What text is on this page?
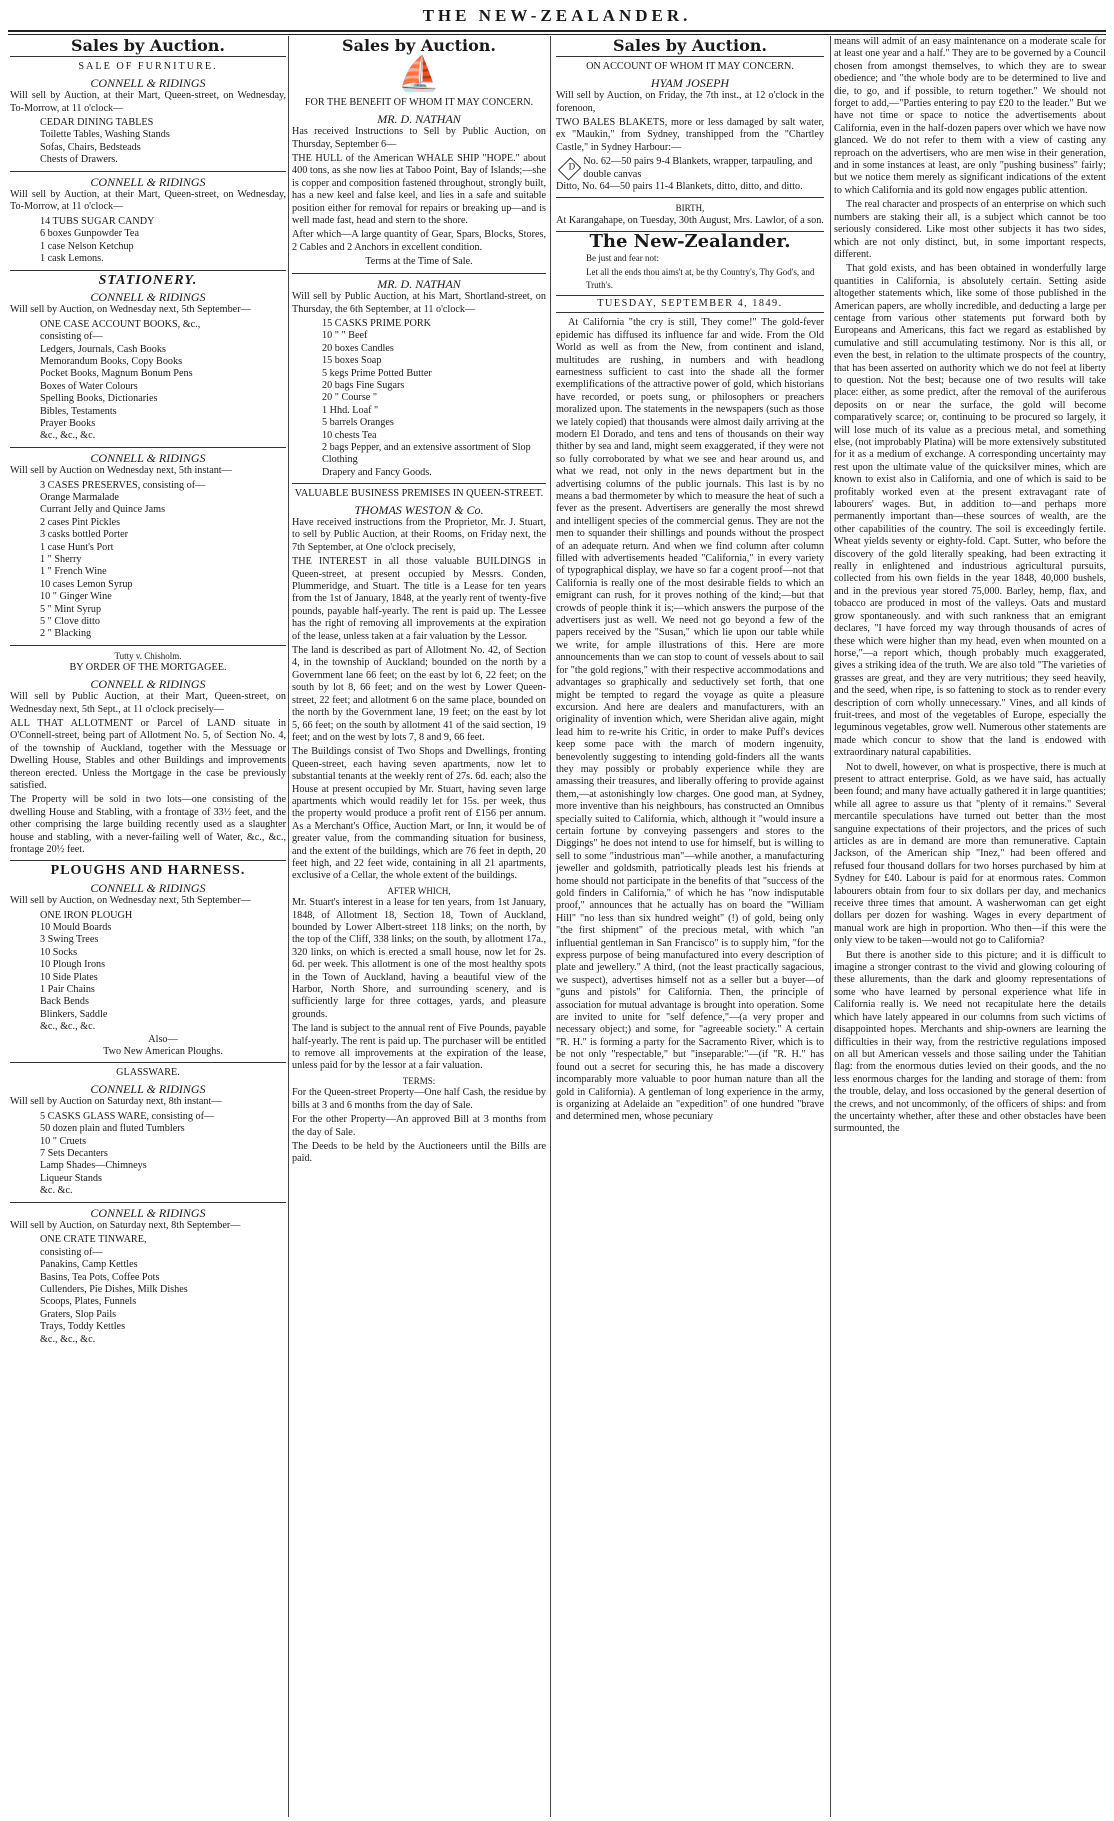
THE NEW-ZEALANDER.
Sales by Auction.
SALE OF FURNITURE.
CONNELL & RIDINGS

Will sell by Auction, at their Mart, Queen-street, on Wednesday, To-Morrow, at 11 o'clock—

CEDAR DINING TABLES
Toilette Tables, Washing Stands
Sofas, Chairs, Bedsteads
Chests of Drawers.
CONNELL & RIDINGS

Will sell by Auction, at their Mart, Queen-street, on Wednesday, To-Morrow, at 11 o'clock—

14 TUBS SUGAR CANDY
6 boxes Gunpowder Tea
1 case Nelson Ketchup
1 cask Lemons.
STATIONERY.
CONNELL & RIDINGS

Will sell by Auction, on Wednesday next, 5th September—

ONE CASE ACCOUNT BOOKS, &c.,
consisting of—
Ledgers, Journals, Cash Books
Memorandum Books, Copy Books
Pocket Books, Magnum Bonum Pens
Boxes of Water Colours
Spelling Books, Dictionaries
Bibles, Testaments
Prayer Books
&c., &c., &c.
CONNELL & RIDINGS

Will sell by Auction on Wednesday next, 5th instant—

3 CASES PRESERVES, consisting of—
Orange Marmalade
Currant Jelly and Quince Jams
2 cases Pint Pickles
3 casks bottled Porter
1 case Hunt's Port
1 " Sherry
1 " French Wine
10 cases Lemon Syrup
10 " Ginger Wine
5 " Mint Syrup
5 " Clove ditto
2 " Blacking
Tutty v. Chisholm.
BY ORDER OF THE MORTGAGEE.
CONNELL & RIDINGS

Will sell by Public Auction, at their Mart, Queen-street, on Wednesday next, 5th Sept., at 11 o'clock precisely—

ALL THAT ALLOTMENT or Parcel of LAND situate in O'Connell-street, being part of Allotment No. 5, of Section No. 4, of the township of Auckland, together with the Messuage or Dwelling House, Stables and other Buildings and improvements thereon erected. Unless the Mortgage in the case be previously satisfied.

The Property will be sold in two lots—one consisting of the dwelling House and Stabling, with a frontage of 33½ feet, and the other comprising the large building recently used as a slaughter house and stabling, with a never-failing well of Water, &c., &c., frontage 20½ feet.

PLOUGHS AND HARNESS.
CONNELL & RIDINGS

Will sell by Auction, on Wednesday next, 5th September—

ONE IRON PLOUGH
10 Mould Boards
3 Swing Trees
10 Socks
10 Plough Irons
10 Side Plates
1 Pair Chains
Back Bends
Blinkers, Saddle
&c., &c., &c.
Also—
Two New American Ploughs.
GLASSWARE.
CONNELL & RIDINGS

Will sell by Auction on Saturday next, 8th instant—

5 CASKS GLASS WARE, consisting of—
50 dozen plain and fluted Tumblers
10 " Cruets
7 Sets Decanters
Lamp Shades—Chimneys
Liqueur Stands
&c. &c.
CONNELL & RIDINGS

Will sell by Auction, on Saturday next, 8th September—

ONE CRATE TINWARE,
consisting of—
Panakins, Camp Kettles
Basins, Tea Pots, Coffee Pots
Cullenders, Pie Dishes, Milk Dishes
Scoops, Plates, Funnels
Graters, Slop Pails
Trays, Toddy Kettles
&c., &c., &c.
Sales by Auction.
⛵
FOR THE BENEFIT OF WHOM IT MAY CONCERN.
MR. D. NATHAN

Has received Instructions to Sell by Public Auction, on Thursday, September 6—

THE HULL of the American WHALE SHIP "HOPE." about 400 tons, as she now lies at Taboo Point, Bay of Islands;—she is copper and composition fastened throughout, strongly built, has a new keel and false keel, and lies in a safe and suitable position either for removal for repairs or breaking up—and is well made fast, head and stern to the shore.

After which—A large quantity of Gear, Spars, Blocks, Stores, 2 Cables and 2 Anchors in excellent condition.

Terms at the Time of Sale.
MR. D. NATHAN

Will sell by Public Auction, at his Mart, Shortland-street, on Thursday, the 6th September, at 11 o'clock—

15 CASKS PRIME PORK
10 " " Beef
20 boxes Candles
15 boxes Soap
5 kegs Prime Potted Butter
20 bags Fine Sugars
20 " Course "
1 Hhd. Loaf "
5 barrels Oranges
10 chests Tea
2 bags Pepper, and an extensive assortment of Slop Clothing
Drapery and Fancy Goods.
VALUABLE BUSINESS PREMISES IN QUEEN-STREET.
THOMAS WESTON & Co.

Have received instructions from the Proprietor, Mr. J. Stuart, to sell by Public Auction, at their Rooms, on Friday next, the 7th September, at One o'clock precisely,

THE INTEREST in all those valuable BUILDINGS in Queen-street, at present occupied by Messrs. Conden, Plummeridge, and Stuart. The title is a Lease for ten years from the 1st of January, 1848, at the yearly rent of twenty-five pounds, payable half-yearly. The rent is paid up. The Lessee has the right of removing all improvements at the expiration of the lease, unless taken at a fair valuation by the Lessor.

The land is described as part of Allotment No. 42, of Section 4, in the township of Auckland; bounded on the north by a Government lane 66 feet; on the east by lot 6, 22 feet; on the south by lot 8, 66 feet; and on the west by Lower Queen-street, 22 feet; and allotment 6 on the same place, bounded on the north by the Government lane, 19 feet; on the east by lot 5, 66 feet; on the south by allotment 41 of the said section, 19 feet; and on the west by lots 7, 8 and 9, 66 feet.

The Buildings consist of Two Shops and Dwellings, fronting Queen-street, each having seven apartments, now let to substantial tenants at the weekly rent of 27s. 6d. each; also the House at present occupied by Mr. Stuart, having seven large apartments which would readily let for 15s. per week, thus the property would produce a profit rent of £156 per annum. As a Merchant's Office, Auction Mart, or Inn, it would be of greater value, from the commanding situation for business, and the extent of the buildings, which are 76 feet in depth, 20 feet high, and 22 feet wide, containing in all 21 apartments, exclusive of a Cellar, the whole extent of the buildings.

AFTER WHICH,

Mr. Stuart's interest in a lease for ten years, from 1st January, 1848, of Allotment 18, Section 18, Town of Auckland, bounded by Lower Albert-street 118 links; on the north, by the top of the Cliff, 338 links; on the south, by allotment 17a., 320 links, on which is erected a small house, now let for 2s. 6d. per week. This allotment is one of the most healthy spots in the Town of Auckland, having a beautiful view of the Harbor, North Shore, and surrounding scenery, and is sufficiently large for three cottages, yards, and pleasure grounds.

The land is subject to the annual rent of Five Pounds, payable half-yearly. The rent is paid up. The purchaser will be entitled to remove all improvements at the expiration of the lease, unless paid for by the lessor at a fair valuation.

TERMS:

For the Queen-street Property—One half Cash, the residue by bills at 3 and 6 months from the day of Sale.

For the other Property—An approved Bill at 3 months from the day of Sale.

The Deeds to be held by the Auctioneers until the Bills are paid.

Sales by Auction.
ON ACCOUNT OF WHOM IT MAY CONCERN.
HYAM JOSEPH

Will sell by Auction, on Friday, the 7th inst., at 12 o'clock in the forenoon,

TWO BALES BLAKETS, more or less damaged by salt water, ex "Maukin," from Sydney, transhipped from the "Chartley Castle," in Sydney Harbour:—

D No. 62—50 pairs 9-4 Blankets, wrapper, tarpauling, and double canvas

Ditto, No. 64—50 pairs 11-4 Blankets, ditto, ditto, and ditto.

BIRTH,

At Karangahape, on Tuesday, 30th August, Mrs. Lawlor, of a son.

The New-Zealander.
Be just and fear not:
Let all the ends thou aims't at, be thy Country's, Thy God's, and Truth's.
TUESDAY, SEPTEMBER 4, 1849.

At California "the cry is still, They come!" The gold-fever epidemic has diffused its influence far and wide. From the Old World as well as from the New, from continent and island, multitudes are rushing, in numbers and with headlong earnestness sufficient to cast into the shade all the former exemplifications of the attractive power of gold, which historians have recorded, or poets sung, or philosophers or preachers moralized upon. The statements in the newspapers (such as those we lately copied) that thousands were almost daily arriving at the modern El Dorado, and tens and tens of thousands on their way thither by sea and land, might seem exaggerated, if they were not so fully corroborated by what we see and hear around us, and what we read, not only in the news department but in the advertising columns of the public journals. This last is by no means a bad thermometer by which to measure the heat of such a fever as the present. Advertisers are generally the most shrewd and intelligent species of the commercial genus. They are not the men to squander their shillings and pounds without the prospect of an adequate return. And when we find column after column filled with advertisements headed "California," in every variety of typographical display, we have so far a cogent proof—not that California is really one of the most desirable fields to which an emigrant can rush, for it proves nothing of the kind;—but that crowds of people think it is;—which answers the purpose of the advertisers just as well. We need not go beyond a few of the papers received by the "Susan," which lie upon our table while we write, for ample illustrations of this. Here are more announcements than we can stop to count of vessels about to sail for "the gold regions," with their respective accommodations and advantages so graphically and seductively set forth, that one might be tempted to regard the voyage as quite a pleasure excursion. And here are dealers and manufacturers, with an originality of invention which, were Sheridan alive again, might lead him to re-write his Critic, in order to make Puff's devices keep some pace with the march of modern ingenuity, benevolently suggesting to intending gold-finders all the wants they may possibly or probably experience while they are amassing their treasures, and liberally offering to provide against them,—at astonishingly low charges. One good man, at Sydney, more inventive than his neighbours, has constructed an Omnibus specially suited to California, which, although it "would insure a certain fortune by conveying passengers and stores to the Diggings" he does not intend to use for himself, but is willing to sell to some "industrious man"—while another, a manufacturing jeweller and goldsmith, patriotically pleads lest his friends at home should not participate in the benefits of that "success of the gold finders in California," of which he has "now indisputable proof," announces that he actually has on board the "William Hill" "no less than six hundred weight" (!) of gold, being only "the first shipment" of the precious metal, with which "an influential gentleman in San Francisco" is to supply him, "for the express purpose of being manufactured into every description of plate and jewellery." A third, (not the least practically sagacious, we suspect), advertises himself not as a seller but a buyer—of "guns and pistols" for California. Then, the principle of association for mutual advantage is brought into operation. Some are invited to unite for "self defence,"—(a very proper and necessary object;) and some, for "agreeable society." A certain "R. H." is forming a party for the Sacramento River, which is to be not only "respectable," but "inseparable:"—(if "R. H." has found out a secret for securing this, he has made a discovery incomparably more valuable to poor human nature than all the gold in California). A gentleman of long experience in the army, is organizing at Adelaide an "expedition" of one hundred "brave and determined men, whose pecuniary

means will admit of an easy maintenance on a moderate scale for at least one year and a half." They are to be governed by a Council chosen from amongst themselves, to which they are to swear obedience; and "the whole body are to be determined to live and die, to go, and if possible, to return together." We should not forget to add,—"Parties entering to pay £20 to the leader." But we have not time or space to notice the advertisements about California, even in the half-dozen papers over which we have now glanced. We do not refer to them with a view of casting any reproach on the advertisers, who are men wise in their generation, and in some instances at least, are only "pushing business" fairly; but we notice them merely as significant indications of the extent to which California and its gold now engages public attention.

The real character and prospects of an enterprise on which such numbers are staking their all, is a subject which cannot be too seriously considered. Like most other subjects it has two sides, which are not only distinct, but, in some important respects, different.

That gold exists, and has been obtained in wonderfully large quantities in California, is absolutely certain. Setting aside altogether statements which, like some of those published in the American papers, are wholly incredible, and deducting a large per centage from various other statements put forward both by Europeans and Americans, this fact we regard as established by cumulative and still accumulating testimony. Nor is this all, or even the best, in relation to the ultimate prospects of the country, that has been asserted on authority which we do not feel at liberty to question. Not the best; because one of two results will take place: either, as some predict, after the removal of the auriferous deposits on or near the surface, the gold will become comparatively scarce; or, continuing to be procured so largely, it will lose much of its value as a precious metal, and something else, (not improbably Platina) will be more extensively substituted for it as a medium of exchange. A corresponding uncertainty may rest upon the ultimate value of the quicksilver mines, which are known to exist also in California, and one of which is said to be profitably worked even at the present extravagant rate of labourers' wages. But, in addition to—and perhaps more permanently important than—these sources of wealth, are the other capabilities of the country. The soil is exceedingly fertile. Wheat yields seventy or eighty-fold. Capt. Sutter, who before the discovery of the gold literally speaking, had been extracting it really in enlightened and industrious agricultural pursuits, collected from his own fields in the year 1848, 40,000 bushels, and in the previous year stored 75,000. Barley, hemp, flax, and tobacco are produced in most of the valleys. Oats and mustard grow spontaneously. and with such rankness that an emigrant declares, "I have forced my way through thousands of acres of these which were higher than my head, even when mounted on a horse,"—a report which, though probably much exaggerated, gives a striking idea of the truth. We are also told "The varieties of grasses are great, and they are very nutritious; they seed heavily, and the seed, when ripe, is so fattening to stock as to render every description of corn wholly unnecessary." Vines, and all kinds of fruit-trees, and most of the vegetables of Europe, especially the leguminous vegetables, grow well. Numerous other statements are made which concur to show that the land is endowed with extraordinary natural capabilities.

Not to dwell, however, on what is prospective, there is much at present to attract enterprise. Gold, as we have said, has actually been found; and many have actually gathered it in large quantities; while all agree to assure us that "plenty of it remains." Several mercantile speculations have turned out better than the most sanguine expectations of their projectors, and the prices of such articles as are in demand are more than remunerative. Captain Jackson, of the American ship "Inez," had been offered and refused four thousand dollars for two horses purchased by him at Sydney for £40. Labour is paid for at enormous rates. Common labourers obtain from four to six dollars per day, and mechanics receive three times that amount. A washerwoman can get eight dollars per dozen for washing. Wages in every department of manual work are high in proportion. Who then—if this were the only view to be taken—would not go to California?

But there is another side to this picture; and it is difficult to imagine a stronger contrast to the vivid and glowing colouring of these allurements, than the dark and gloomy representations of some who have learned by personal experience what life in California really is. We need not recapitulate here the details which have lately appeared in our columns from such victims of disappointed hopes. Merchants and ship-owners are learning the difficulties in their way, from the restrictive regulations imposed on all but American vessels and those sailing under the Tahitian flag: from the enormous duties levied on their goods, and the no less enormous charges for the landing and storage of them: from the trouble, delay, and loss occasioned by the general desertion of the crews, and not uncommonly, of the officers of ships: and from the uncertainty whether, after these and other obstacles have been surmounted, the
